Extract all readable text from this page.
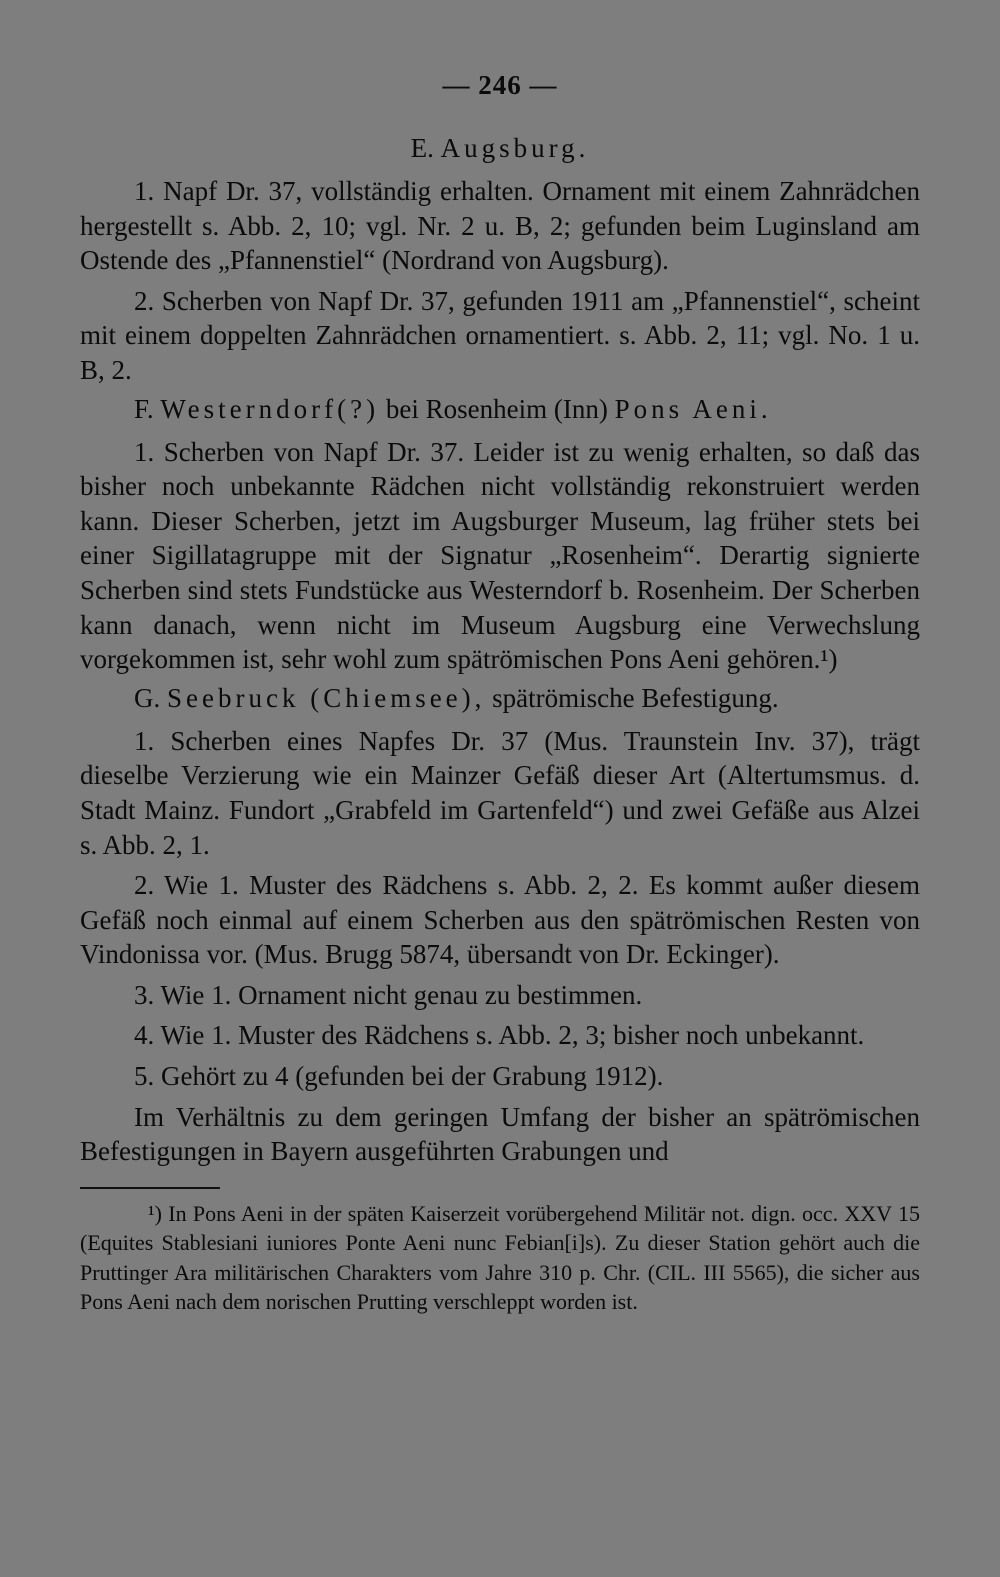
— 246 —
E. Augsburg.

1. Napf Dr. 37, vollständig erhalten. Ornament mit einem Zahnrädchen hergestellt s. Abb. 2, 10; vgl. Nr. 2 u. B, 2; gefunden beim Luginsland am Ostende des „Pfannenstiel“ (Nordrand von Augsburg).

2. Scherben von Napf Dr. 37, gefunden 1911 am „Pfannenstiel“, scheint mit einem doppelten Zahnrädchen ornamentiert. s. Abb. 2, 11; vgl. No. 1 u. B, 2.

F. Westerndorf(?) bei Rosenheim (Inn) Pons Aeni.

1. Scherben von Napf Dr. 37. Leider ist zu wenig erhalten, so daß das bisher noch unbekannte Rädchen nicht vollständig rekonstruiert werden kann. Dieser Scherben, jetzt im Augsburger Museum, lag früher stets bei einer Sigillatagruppe mit der Signatur „Rosenheim“. Derartig signierte Scherben sind stets Fundstücke aus Westerndorf b. Rosenheim. Der Scherben kann danach, wenn nicht im Museum Augsburg eine Verwechslung vorgekommen ist, sehr wohl zum spätrömischen Pons Aeni gehören.¹)

G. Seebruck (Chiemsee), spätrömische Befestigung.

1. Scherben eines Napfes Dr. 37 (Mus. Traunstein Inv. 37), trägt dieselbe Verzierung wie ein Mainzer Gefäß dieser Art (Altertumsmus. d. Stadt Mainz. Fundort „Grabfeld im Gartenfeld“) und zwei Gefäße aus Alzei s. Abb. 2, 1.

2. Wie 1. Muster des Rädchens s. Abb. 2, 2. Es kommt außer diesem Gefäß noch einmal auf einem Scherben aus den spätrömischen Resten von Vindonissa vor. (Mus. Brugg 5874, übersandt von Dr. Eckinger).

3. Wie 1. Ornament nicht genau zu bestimmen.

4. Wie 1. Muster des Rädchens s. Abb. 2, 3; bisher noch unbekannt.

5. Gehört zu 4 (gefunden bei der Grabung 1912).

Im Verhältnis zu dem geringen Umfang der bisher an spätrömischen Befestigungen in Bayern ausgeführten Grabungen und

¹) In Pons Aeni in der späten Kaiserzeit vorübergehend Militär not. dign. occ. XXV 15 (Equites Stablesiani iuniores Ponte Aeni nunc Febian[i]s). Zu dieser Station gehört auch die Pruttinger Ara militärischen Charakters vom Jahre 310 p. Chr. (CIL. III 5565), die sicher aus Pons Aeni nach dem norischen Prutting verschleppt worden ist.
